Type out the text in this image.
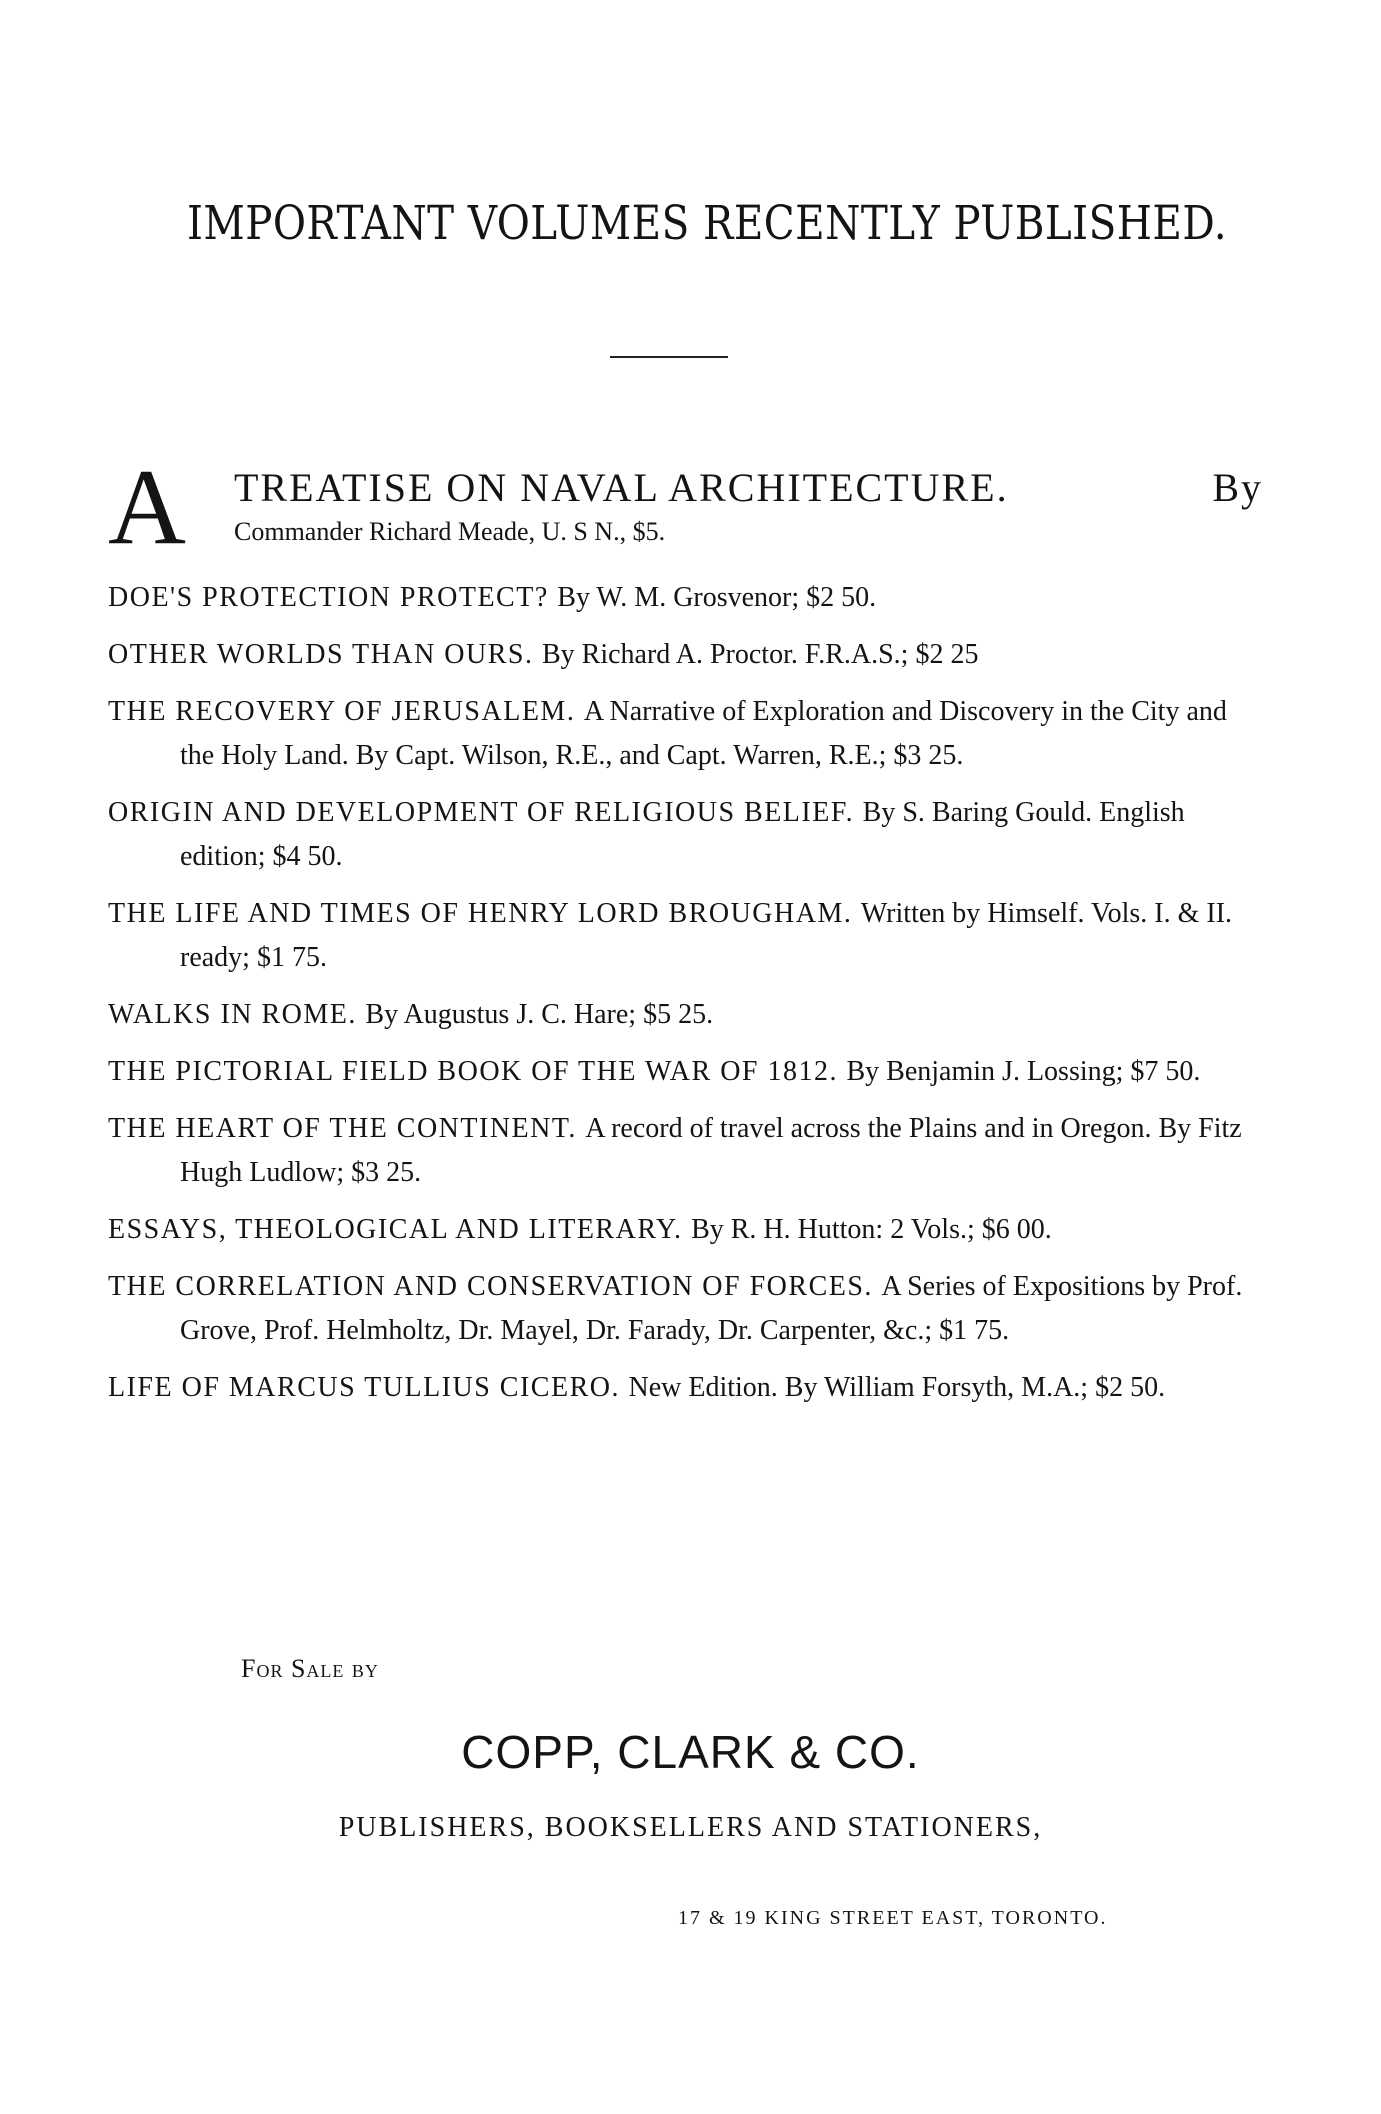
IMPORTANT VOLUMES RECENTLY PUBLISHED.
A TREATISE ON NAVAL ARCHITECTURE.	By
Commander Richard Meade, U. S N., $5.
DOE'S PROTECTION PROTECT? By W. M. Grosvenor; $2 50.
OTHER WORLDS THAN OURS. By Richard A. Proctor. F.R.A.S.; $2 25
THE RECOVERY OF JERUSALEM. A Narrative of Exploration and Discovery in the City and the Holy Land. By Capt. Wilson, R.E., and Capt. Warren, R.E.; $3 25.
ORIGIN AND DEVELOPMENT OF RELIGIOUS BELIEF. By S. Baring Gould. English edition; $4 50.
THE LIFE AND TIMES OF HENRY LORD BROUGHAM. Written by Himself. Vols. I. & II. ready; $1 75.
WALKS IN ROME. By Augustus J. C. Hare; $5 25.
THE PICTORIAL FIELD BOOK OF THE WAR OF 1812. By Benjamin J. Lossing; $7 50.
THE HEART OF THE CONTINENT. A record of travel across the Plains and in Oregon. By Fitz Hugh Ludlow; $3 25.
ESSAYS, THEOLOGICAL AND LITERARY. By R. H. Hutton: 2 Vols.; $6 00.
THE CORRELATION AND CONSERVATION OF FORCES. A Series of Expositions by Prof. Grove, Prof. Helmholtz, Dr. Mayel, Dr. Farady, Dr. Carpenter, &c.; $1 75.
LIFE OF MARCUS TULLIUS CICERO. New Edition. By William Forsyth, M.A.; $2 50.
For Sale by
COPP, CLARK & CO.
PUBLISHERS, BOOKSELLERS AND STATIONERS,
17 & 19 KING STREET EAST, TORONTO.
